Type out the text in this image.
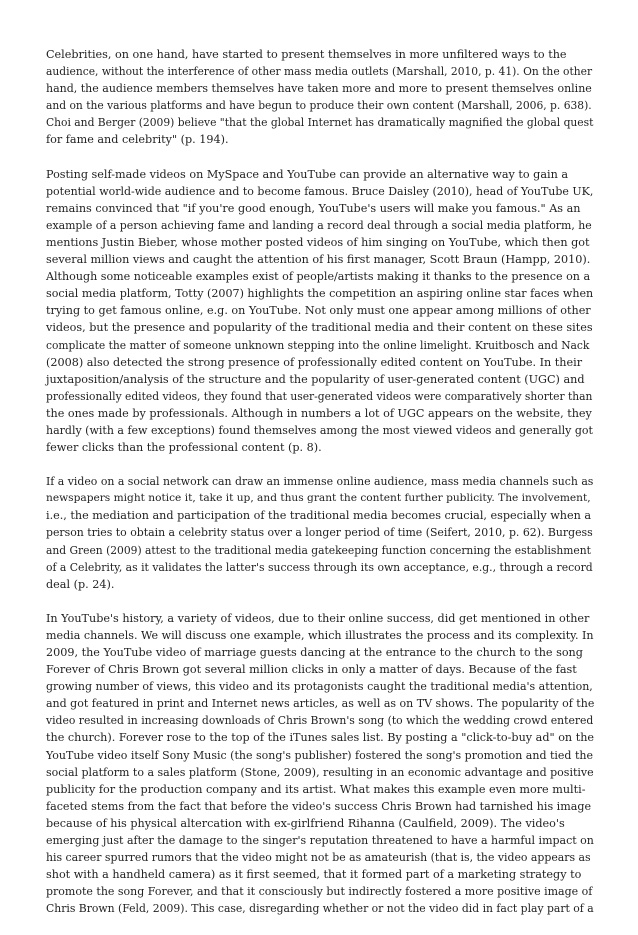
Celebrities, on one hand, have started to present themselves in more unfiltered ways to the
audience, without the interference of other mass media outlets (Marshall, 2010, p. 41). On the other
hand, the audience members themselves have taken more and more to present themselves online
and on the various platforms and have begun to produce their own content (Marshall, 2006, p. 638).
Choi and Berger (2009) believe "that the global Internet has dramatically magnified the global quest
for fame and celebrity" (p. 194).

Posting self-made videos on MySpace and YouTube can provide an alternative way to gain a
potential world-wide audience and to become famous. Bruce Daisley (2010), head of YouTube UK,
remains convinced that "if you're good enough, YouTube's users will make you famous." As an
example of a person achieving fame and landing a record deal through a social media platform, he
mentions Justin Bieber, whose mother posted videos of him singing on YouTube, which then got
several million views and caught the attention of his first manager, Scott Braun (Hampp, 2010).
Although some noticeable examples exist of people/artists making it thanks to the presence on a
social media platform, Totty (2007) highlights the competition an aspiring online star faces when
trying to get famous online, e.g. on YouTube. Not only must one appear among millions of other
videos, but the presence and popularity of the traditional media and their content on these sites
complicate the matter of someone unknown stepping into the online limelight. Kruitbosch and Nack
(2008) also detected the strong presence of professionally edited content on YouTube. In their
juxtaposition/analysis of the structure and the popularity of user-generated content (UGC) and
professionally edited videos, they found that user-generated videos were comparatively shorter than
the ones made by professionals. Although in numbers a lot of UGC appears on the website, they
hardly (with a few exceptions) found themselves among the most viewed videos and generally got
fewer clicks than the professional content (p. 8).

If a video on a social network can draw an immense online audience, mass media channels such as
newspapers might notice it, take it up, and thus grant the content further publicity. The involvement,
i.e., the mediation and participation of the traditional media becomes crucial, especially when a
person tries to obtain a celebrity status over a longer period of time (Seifert, 2010, p. 62). Burgess
and Green (2009) attest to the traditional media gatekeeping function concerning the establishment
of a Celebrity, as it validates the latter's success through its own acceptance, e.g., through a record
deal (p. 24).

In YouTube's history, a variety of videos, due to their online success, did get mentioned in other
media channels. We will discuss one example, which illustrates the process and its complexity. In
2009, the YouTube video of marriage guests dancing at the entrance to the church to the song
Forever of Chris Brown got several million clicks in only a matter of days. Because of the fast
growing number of views, this video and its protagonists caught the traditional media's attention,
and got featured in print and Internet news articles, as well as on TV shows. The popularity of the
video resulted in increasing downloads of Chris Brown's song (to which the wedding crowd entered
the church). Forever rose to the top of the iTunes sales list. By posting a "click-to-buy ad" on the
YouTube video itself Sony Music (the song's publisher) fostered the song's promotion and tied the
social platform to a sales platform (Stone, 2009), resulting in an economic advantage and positive
publicity for the production company and its artist. What makes this example even more multi-
faceted stems from the fact that before the video's success Chris Brown had tarnished his image
because of his physical altercation with ex-girlfriend Rihanna (Caulfield, 2009). The video's
emerging just after the damage to the singer's reputation threatened to have a harmful impact on
his career spurred rumors that the video might not be as amateurish (that is, the video appears as
shot with a handheld camera) as it first seemed, that it formed part of a marketing strategy to
promote the song Forever, and that it consciously but indirectly fostered a more positive image of
Chris Brown (Feld, 2009). This case, disregarding whether or not the video did in fact play part of a
